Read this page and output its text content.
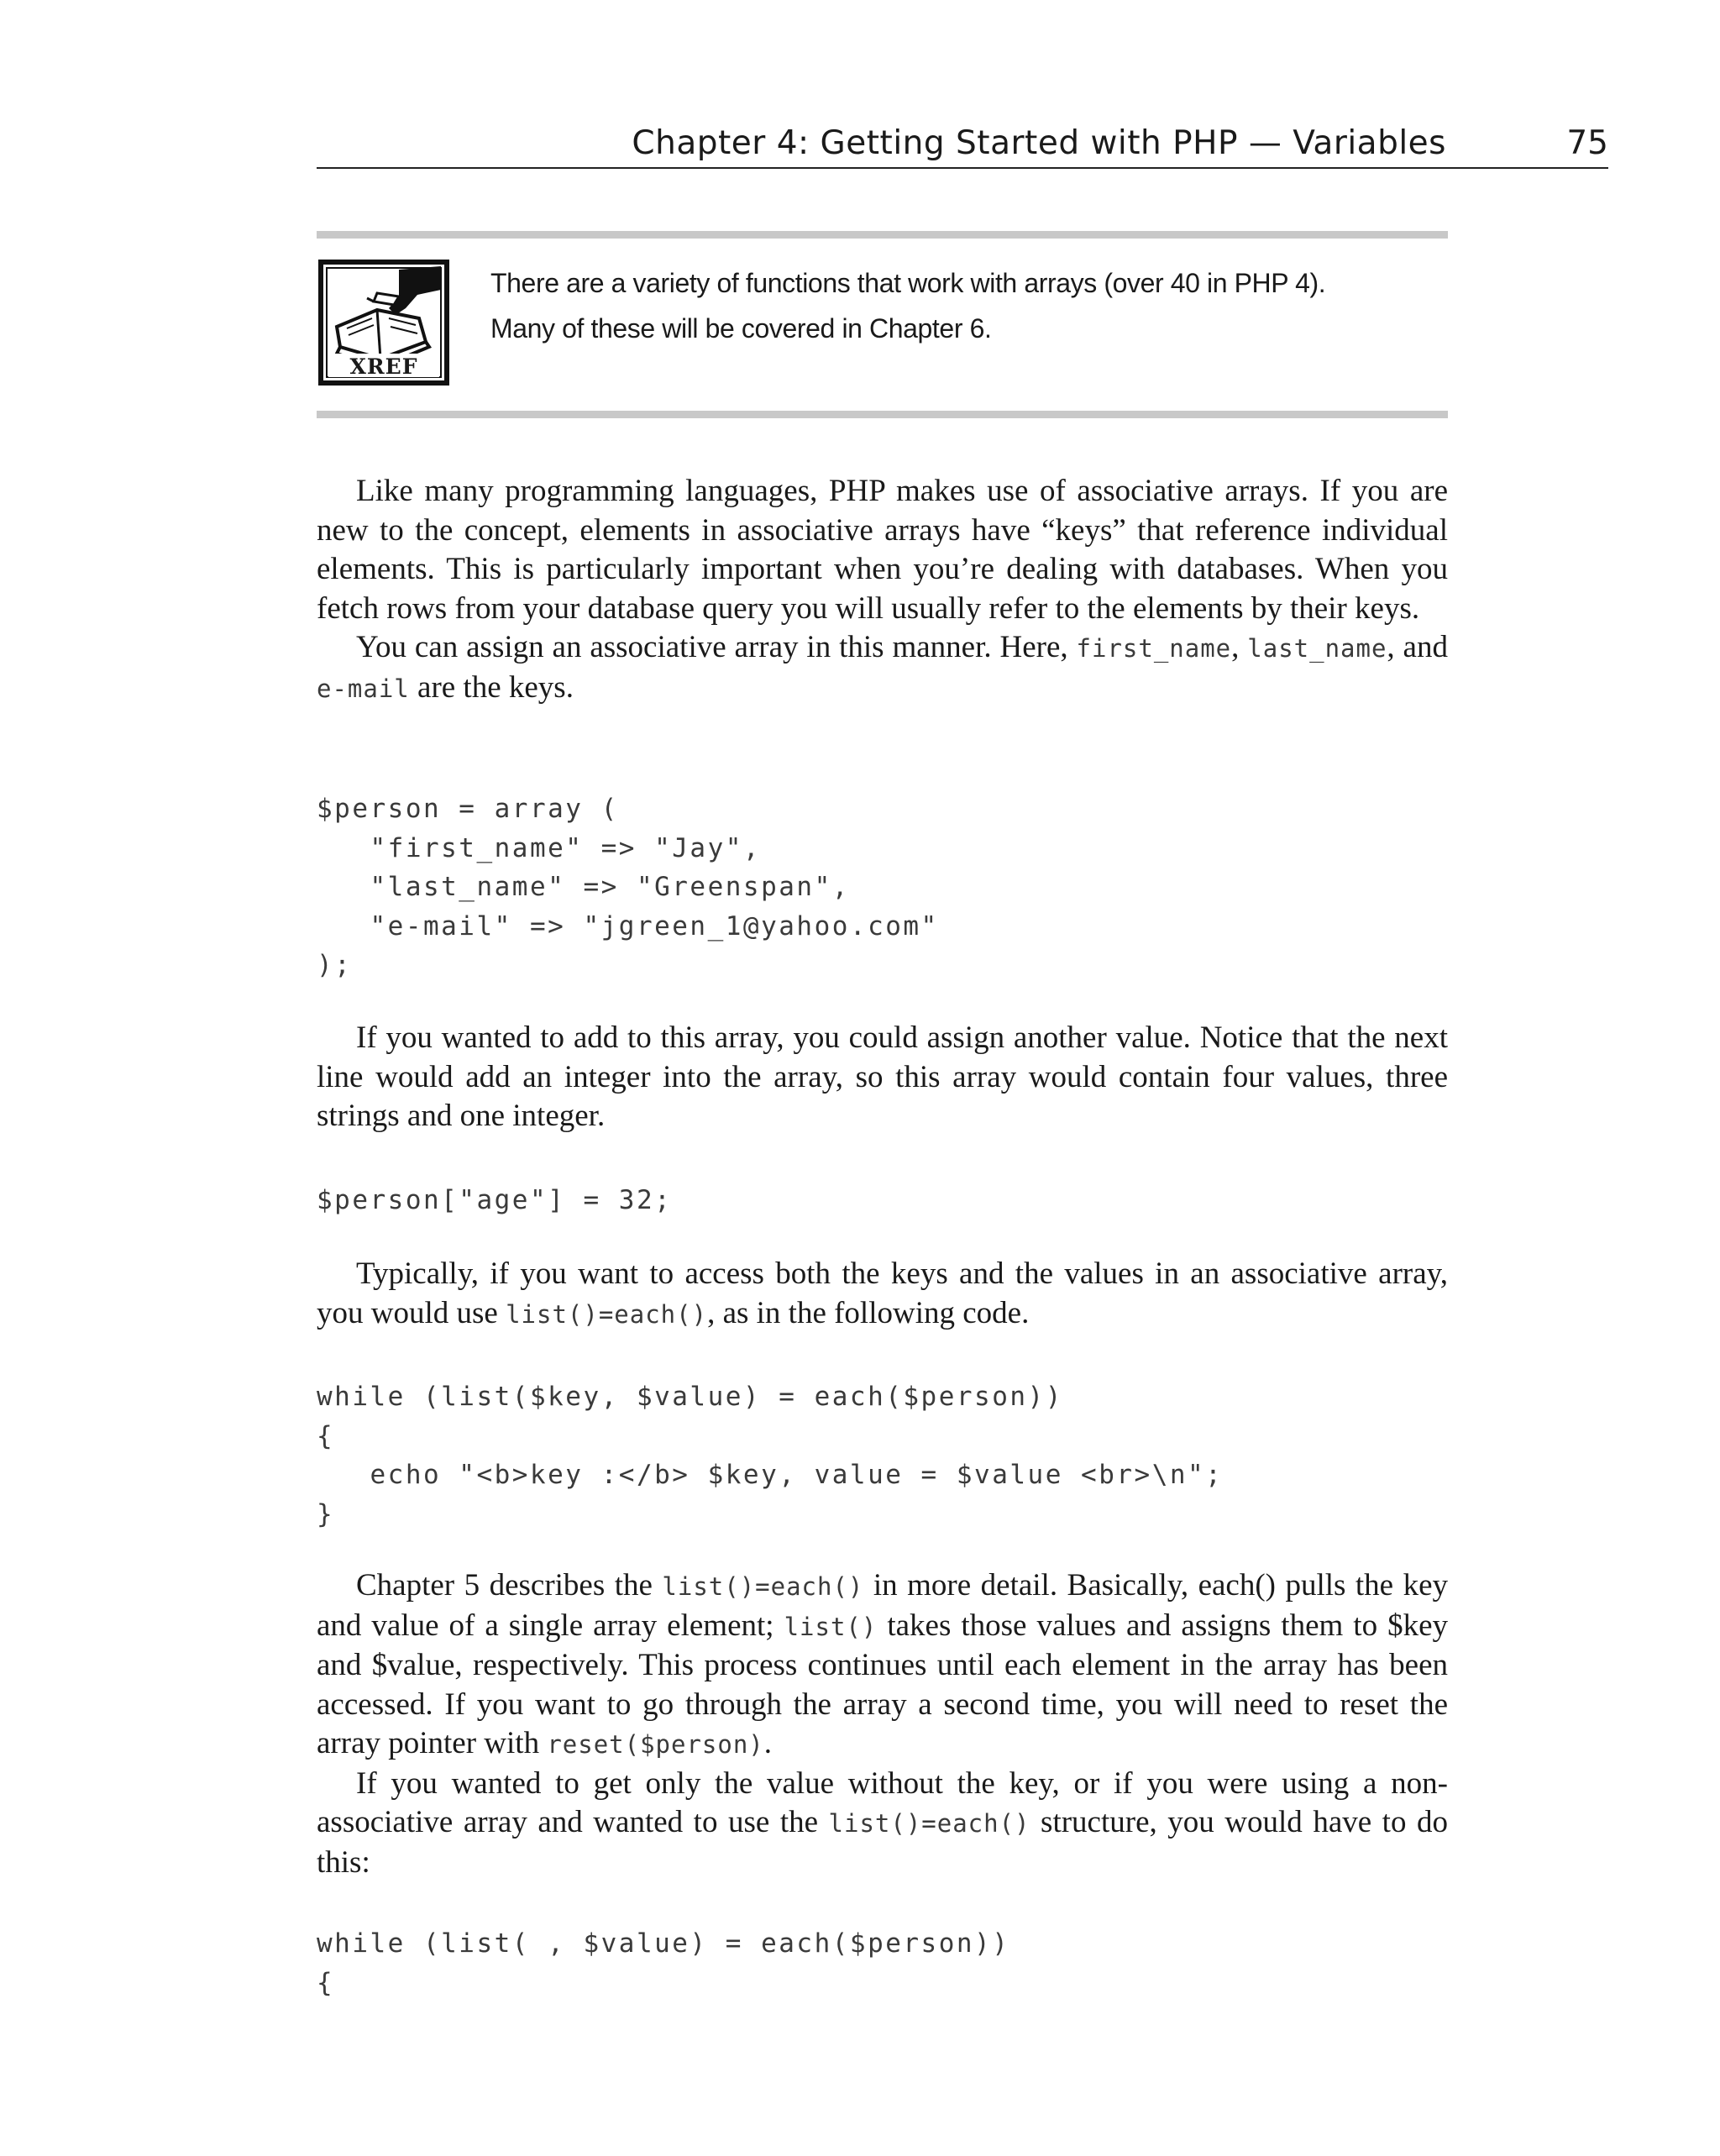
Chapter 4: Getting Started with PHP — Variables	75
XREF
There are a variety of functions that work with arrays (over 40 in PHP 4).
Many of these will be covered in Chapter 6.

Like many programming languages, PHP makes use of associative arrays. If you are new to the concept, elements in associative arrays have “keys” that reference individual elements. This is particularly important when you’re dealing with databases. When you fetch rows from your database query you will usually refer to the elements by their keys.

You can assign an associative array in this manner. Here, first_name, last_name, and e-mail are the keys.

$person = array (
"first_name" => "Jay",
"last_name" => "Greenspan",
"e-mail" => "jgreen_1@yahoo.com"
);

If you wanted to add to this array, you could assign another value. Notice that the next line would add an integer into the array, so this array would contain four values, three strings and one integer.

$person["age"] = 32;

Typically, if you want to access both the keys and the values in an associative array, you would use list()=each(), as in the following code.

while (list($key, $value) = each($person))
{
echo "<b>key :</b> $key, value = $value <br>\n";
}

Chapter 5 describes the list()=each() in more detail. Basically, each() pulls the key and value of a single array element; list() takes those values and assigns them to $key and $value, respectively. This process continues until each element in the array has been accessed. If you want to go through the array a second time, you will need to reset the array pointer with reset($person).

If you wanted to get only the value without the key, or if you were using a nonassociative array and wanted to use the list()=each() structure, you would have to do this:

while (list( , $value) = each($person))
{
